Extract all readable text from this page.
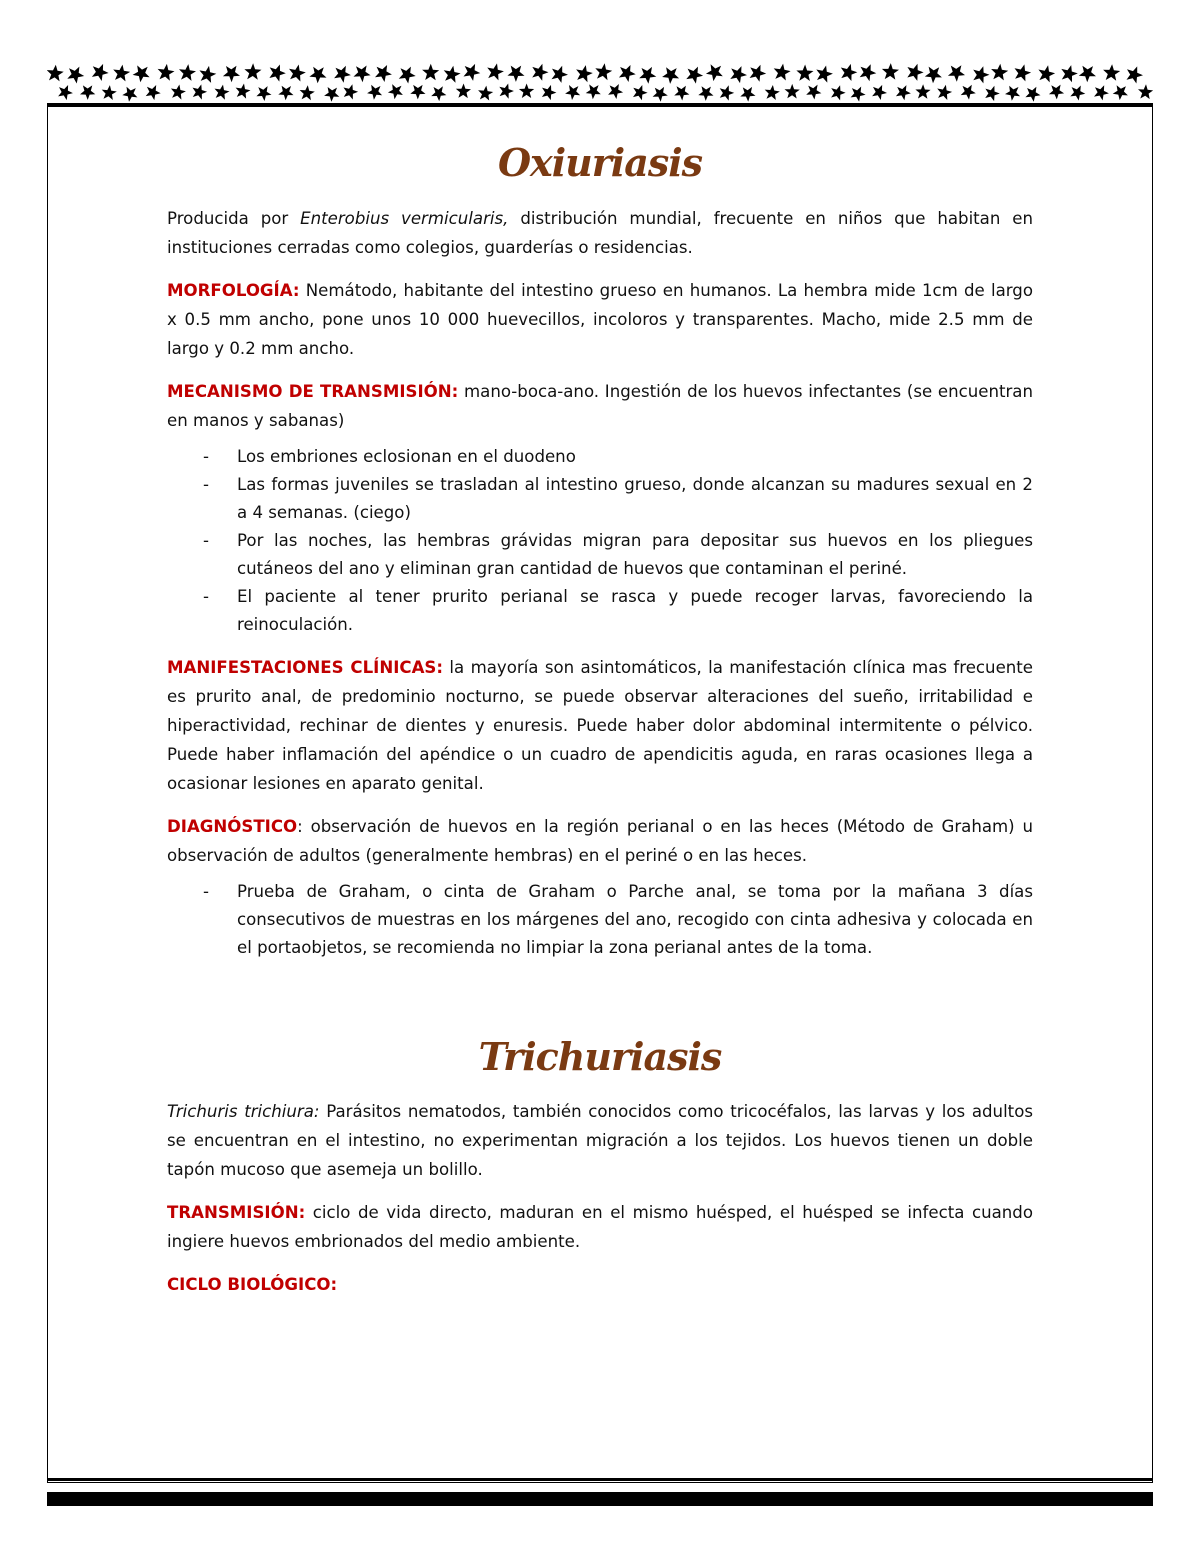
Oxiuriasis

Producida por Enterobius vermicularis, distribución mundial, frecuente en niños que habitan en instituciones cerradas como colegios, guarderías o residencias.

MORFOLOGÍA: Nemátodo, habitante del intestino grueso en humanos. La hembra mide 1cm de largo x 0.5 mm ancho, pone unos 10 000 huevecillos, incoloros y transparentes. Macho, mide 2.5 mm de largo y 0.2 mm ancho.

MECANISMO DE TRANSMISIÓN: mano-boca-ano. Ingestión de los huevos infectantes (se encuentran en manos y sabanas)

- Los embriones eclosionan en el duodeno
- Las formas juveniles se trasladan al intestino grueso, donde alcanzan su madures sexual en 2 a 4 semanas. (ciego)
- Por las noches, las hembras grávidas migran para depositar sus huevos en los pliegues cutáneos del ano y eliminan gran cantidad de huevos que contaminan el periné.
- El paciente al tener prurito perianal se rasca y puede recoger larvas, favoreciendo la reinoculación.

MANIFESTACIONES CLÍNICAS: la mayoría son asintomáticos, la manifestación clínica mas frecuente es prurito anal, de predominio nocturno, se puede observar alteraciones del sueño, irritabilidad e hiperactividad, rechinar de dientes y enuresis. Puede haber dolor abdominal intermitente o pélvico. Puede haber inflamación del apéndice o un cuadro de apendicitis aguda, en raras ocasiones llega a ocasionar lesiones en aparato genital.

DIAGNÓSTICO: observación de huevos en la región perianal o en las heces (Método de Graham) u observación de adultos (generalmente hembras) en el periné o en las heces.

- Prueba de Graham, o cinta de Graham o Parche anal, se toma por la mañana 3 días consecutivos de muestras en los márgenes del ano, recogido con cinta adhesiva y colocada en el portaobjetos, se recomienda no limpiar la zona perianal antes de la toma.
Trichuriasis

Trichuris trichiura: Parásitos nematodos, también conocidos como tricocéfalos, las larvas y los adultos se encuentran en el intestino, no experimentan migración a los tejidos. Los huevos tienen un doble tapón mucoso que asemeja un bolillo.

TRANSMISIÓN: ciclo de vida directo, maduran en el mismo huésped, el huésped se infecta cuando ingiere huevos embrionados del medio ambiente.

CICLO BIOLÓGICO:
